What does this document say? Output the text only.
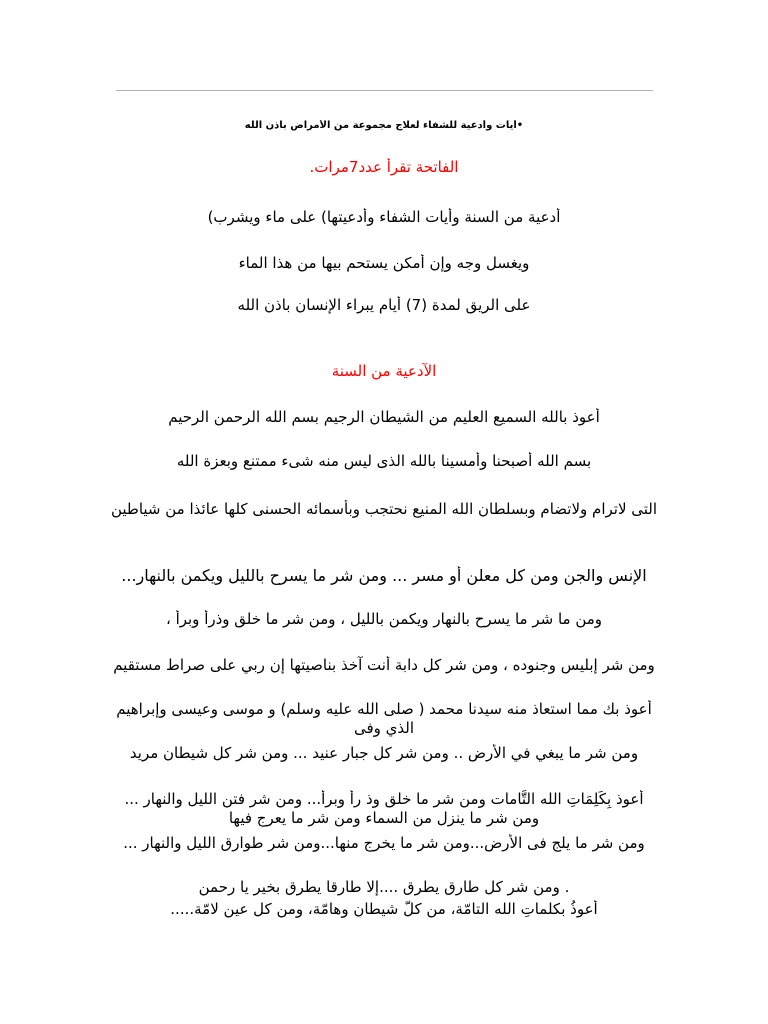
•أيات وأدعية للشفاء لعلاج مجموعة من الأمراض باذن الله
الفاتحة تقرأ عدد7مرات.
أدعية من السنة وأيات الشفاء وأدعيتها) على ماء ويشرب)
ويغسل وجه وإن أمكن يستحم بيها من هذا الماء
على الريق لمدة (7) أيام يبراء الإنسان باذن الله
الآدعية من السنة
أعوذ بالله السميع العليم من الشيطان الرجيم بسم الله الرحمن الرحيم
بسم الله أصبحنا وأمسينا بالله الذى ليس منه شىء ممتنع وبعزة الله
التى لاترام ولاتضام وبسلطان الله المنيع نحتجب وبأسمائه الحسنى كلها عائذا من شياطين
الإنس والجن ومن كل معلن أو مسر ... ومن شر ما يسرح بالليل ويكمن بالنهار...
ومن ما شر ما يسرح بالنهار ويكمن بالليل ، ومن شر ما خلق وذرأ وبرأ ،
ومن شر إبليس وجنوده ، ومن شر كل دابة أنت آخذ بناصيتها إن ربي على صراط مستقيم
أعوذ بك مما استعاذ منه سيدنا محمد ( صلى الله عليه وسلم) و موسى وعيسى وإبراهيم الذي وفى
ومن شر ما يبغي في الأرض .. ومن شر كل جبار عنيد ... ومن شر كل شيطان مريد
أعوذ بِكَلِمَاتِ الله التَّامات ومن شر ما خلق وذ رأ وبرأ... ومن شر فتن الليل والنهار ... ومن شر ما ينزل من السماء ومن شر ما يعرج فيها
ومن شر ما يلج فى الأرض...ومن شر ما يخرج منها...ومن شر طوارق الليل والنهار ...
. ومن شر كل طارق يطرق ....إلا طارقا يطرق بخير يا رحمن
أعوذُ بكلماتِ الله التامّة، من كلّ شيطانٍ وهامّة، ومن كل عينٍ لامّة.....
